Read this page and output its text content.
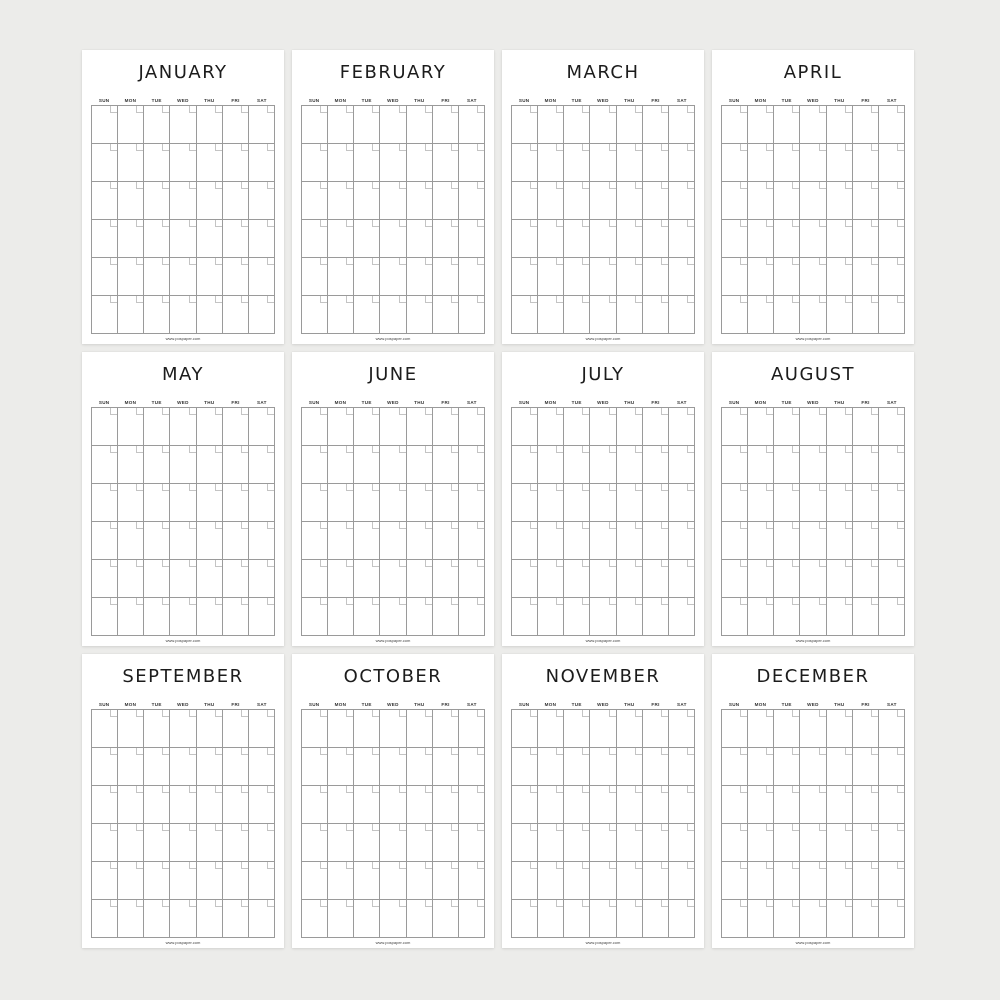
JANUARY
SUN	MON	TUE	WED	THU	FRI	SAT
www.pospaper.com
FEBRUARY
SUN	MON	TUE	WED	THU	FRI	SAT
www.pospaper.com
MARCH
SUN	MON	TUE	WED	THU	FRI	SAT
www.pospaper.com
APRIL
SUN	MON	TUE	WED	THU	FRI	SAT
www.pospaper.com
MAY
SUN	MON	TUE	WED	THU	FRI	SAT
www.pospaper.com
JUNE
SUN	MON	TUE	WED	THU	FRI	SAT
www.pospaper.com
JULY
SUN	MON	TUE	WED	THU	FRI	SAT
www.pospaper.com
AUGUST
SUN	MON	TUE	WED	THU	FRI	SAT
www.pospaper.com
SEPTEMBER
SUN	MON	TUE	WED	THU	FRI	SAT
www.pospaper.com
OCTOBER
SUN	MON	TUE	WED	THU	FRI	SAT
www.pospaper.com
NOVEMBER
SUN	MON	TUE	WED	THU	FRI	SAT
www.pospaper.com
DECEMBER
SUN	MON	TUE	WED	THU	FRI	SAT
www.pospaper.com
